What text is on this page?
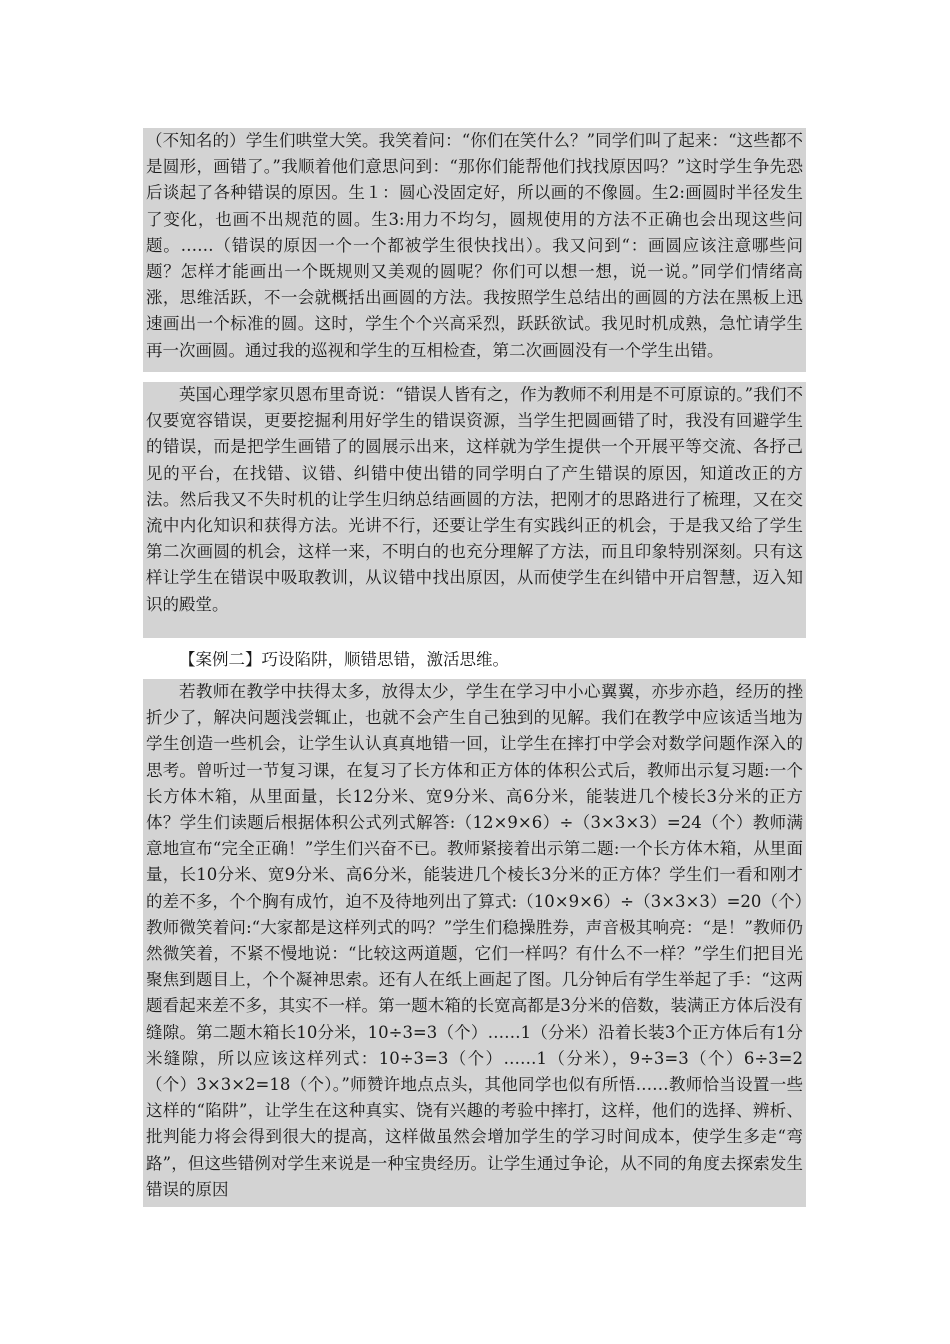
（不知名的）学生们哄堂大笑。我笑着问：“你们在笑什么？”同学们叫了起来：“这些都不是圆形，画错了。”我顺着他们意思问到：“那你们能帮他们找找原因吗？”这时学生争先恐后谈起了各种错误的原因。生１：圆心没固定好，所以画的不像圆。生2:画圆时半径发生了变化，也画不出规范的圆。生3:用力不均匀，圆规使用的方法不正确也会出现这些问题。……（错误的原因一个一个都被学生很快找出）。我又问到“：画圆应该注意哪些问题？怎样才能画出一个既规则又美观的圆呢？你们可以想一想，说一说。”同学们情绪高涨，思维活跃，不一会就概括出画圆的方法。我按照学生总结出的画圆的方法在黑板上迅速画出一个标准的圆。这时，学生个个兴高采烈，跃跃欲试。我见时机成熟，急忙请学生再一次画圆。通过我的巡视和学生的互相检查，第二次画圆没有一个学生出错。

英国心理学家贝恩布里奇说：“错误人皆有之，作为教师不利用是不可原谅的。”我们不仅要宽容错误，更要挖掘利用好学生的错误资源，当学生把圆画错了时，我没有回避学生的错误，而是把学生画错了的圆展示出来，这样就为学生提供一个开展平等交流、各抒己见的平台，在找错、议错、纠错中使出错的同学明白了产生错误的原因，知道改正的方法。然后我又不失时机的让学生归纳总结画圆的方法，把刚才的思路进行了梳理，又在交流中内化知识和获得方法。光讲不行，还要让学生有实践纠正的机会，于是我又给了学生第二次画圆的机会，这样一来，不明白的也充分理解了方法，而且印象特别深刻。只有这样让学生在错误中吸取教训，从议错中找出原因，从而使学生在纠错中开启智慧，迈入知识的殿堂。

【案例二】巧设陷阱，顺错思错，激活思维。

若教师在教学中扶得太多，放得太少，学生在学习中小心翼翼，亦步亦趋，经历的挫折少了，解决问题浅尝辄止，也就不会产生自己独到的见解。我们在教学中应该适当地为学生创造一些机会，让学生认认真真地错一回，让学生在摔打中学会对数学问题作深入的思考。曾听过一节复习课，在复习了长方体和正方体的体积公式后，教师出示复习题:一个长方体木箱，从里面量，长12分米、宽9分米、高6分米，能装进几个棱长3分米的正方体？学生们读题后根据体积公式列式解答:（12×9×6）÷（3×3×3）=24（个）教师满意地宣布“完全正确！”学生们兴奋不已。教师紧接着出示第二题:一个长方体木箱，从里面量，长10分米、宽9分米、高6分米，能装进几个棱长3分米的正方体？学生们一看和刚才的差不多，个个胸有成竹，迫不及待地列出了算式:（10×9×6）÷（3×3×3）=20（个）教师微笑着问:“大家都是这样列式的吗？”学生们稳操胜券，声音极其响亮：“是！”教师仍然微笑着，不紧不慢地说：“比较这两道题，它们一样吗？有什么不一样？”学生们把目光聚焦到题目上，个个凝神思索。还有人在纸上画起了图。几分钟后有学生举起了手：“这两题看起来差不多，其实不一样。第一题木箱的长宽高都是3分米的倍数，装满正方体后没有缝隙。第二题木箱长10分米，10÷3=3（个）……1（分米）沿着长装3个正方体后有1分米缝隙，所以应该这样列式：10÷3=3（个）……1（分米），9÷3=3（个）6÷3=2（个）3×3×2=18（个）。”师赞许地点点头，其他同学也似有所悟……教师恰当设置一些这样的“陷阱”，让学生在这种真实、饶有兴趣的考验中摔打，这样，他们的选择、辨析、批判能力将会得到很大的提高，这样做虽然会增加学生的学习时间成本，使学生多走“弯路”，但这些错例对学生来说是一种宝贵经历。让学生通过争论，从不同的角度去探索发生错误的原因
